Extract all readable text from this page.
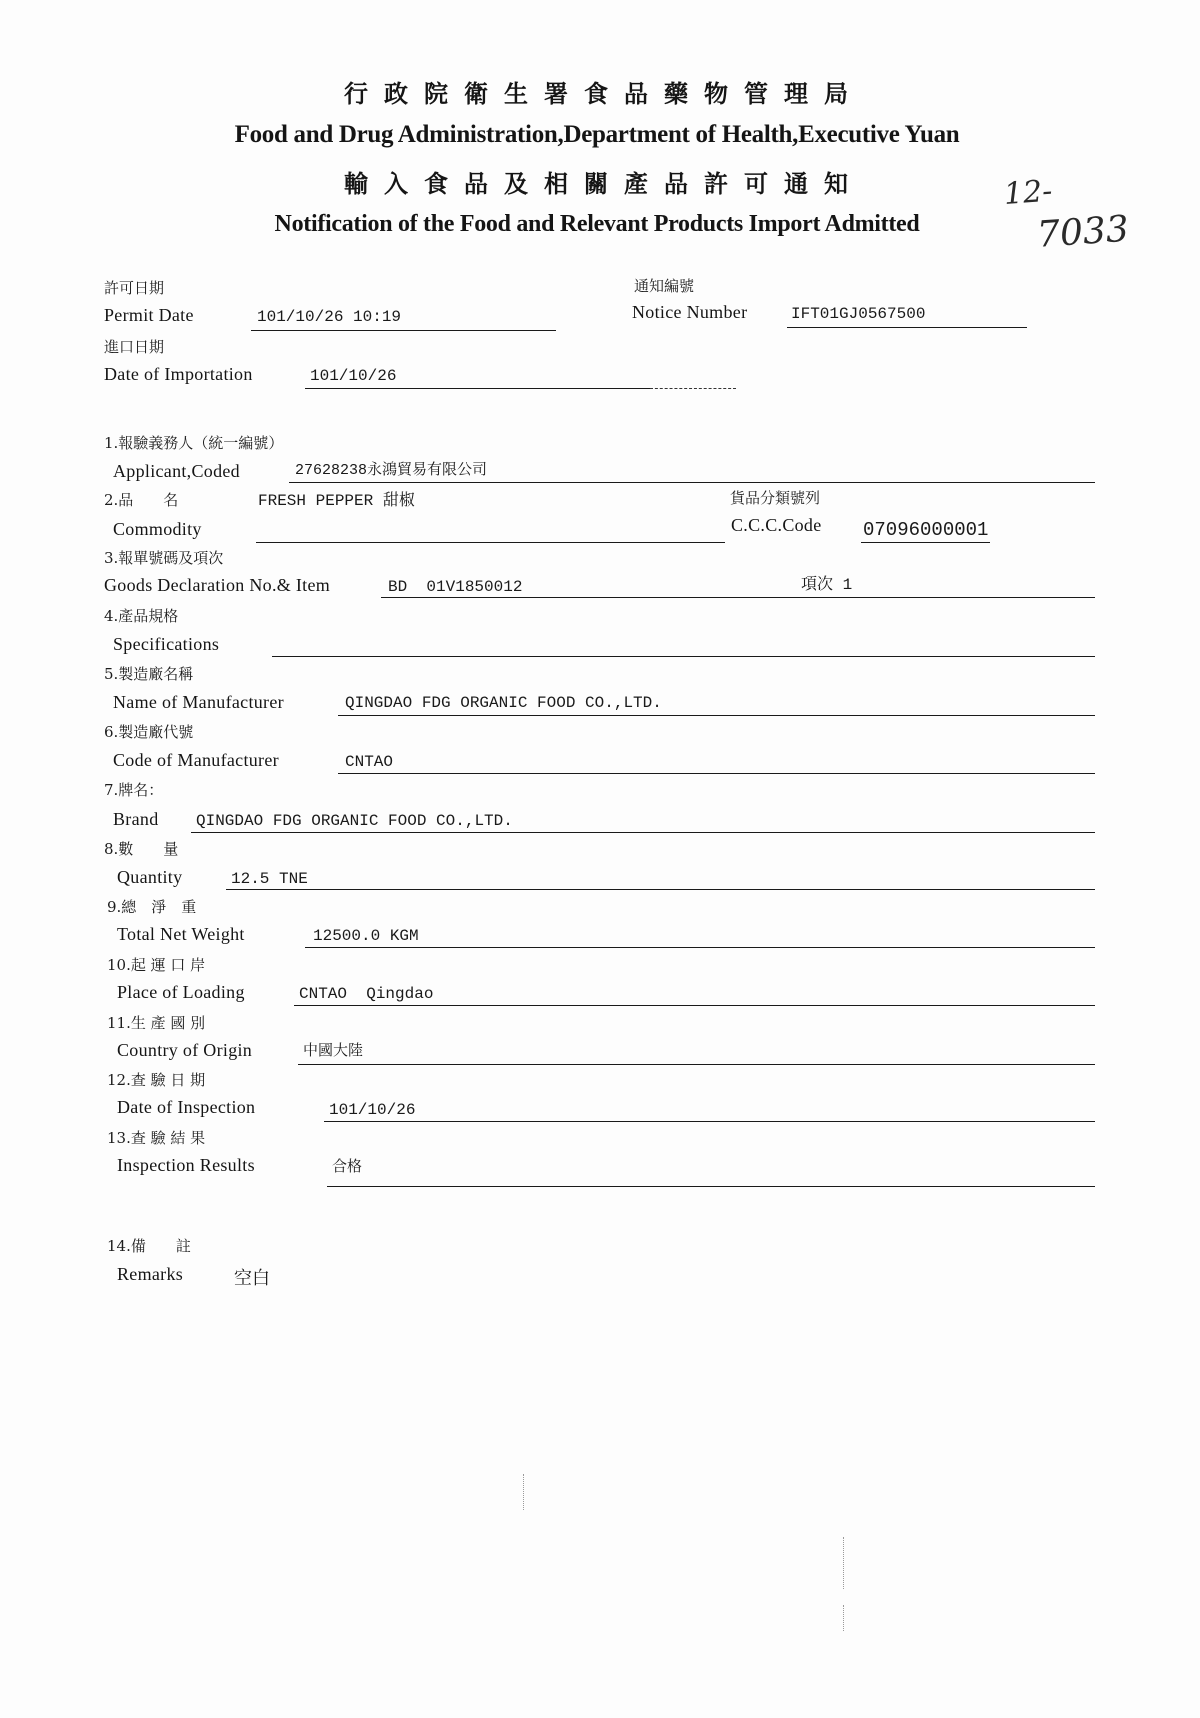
行政院衛生署食品藥物管理局
Food and Drug Administration,Department of Health,Executive Yuan
輸入食品及相關產品許可通知
Notification of the Food and Relevant Products Import Admitted
12-
7033
許可日期
Permit Date	101/10/26 10:19
通知編號
Notice Number	IFT01GJ0567500
進口日期
Date of Importation	101/10/26
1.報驗義務人（統一編號）
Applicant,Coded	27628238永鴻貿易有限公司
2.品　　名	FRESH PEPPER 甜椒
Commodity
貨品分類號列
C.C.C.Code 07096000001
3.報單號碼及項次
Goods Declaration No.& Item	BD  01V1850012	項次 1
4.產品規格
Specifications
5.製造廠名稱
Name of Manufacturer	QINGDAO FDG ORGANIC FOOD CO.,LTD.
6.製造廠代號
Code of Manufacturer	CNTAO
7.牌名：
Brand QINGDAO FDG ORGANIC FOOD CO.,LTD.
8.數　　量
Quantity	12.5 TNE
9.總　淨　重
Total Net Weight	12500.0 KGM
10.起 運 口 岸
Place of Loading	CNTAO  Qingdao
11.生 產 國 別
Country of Origin	中國大陸
12.查 驗 日 期
Date of Inspection	101/10/26
13.查 驗 結 果
Inspection Results	合格
14.備　　註
Remarks	空白
